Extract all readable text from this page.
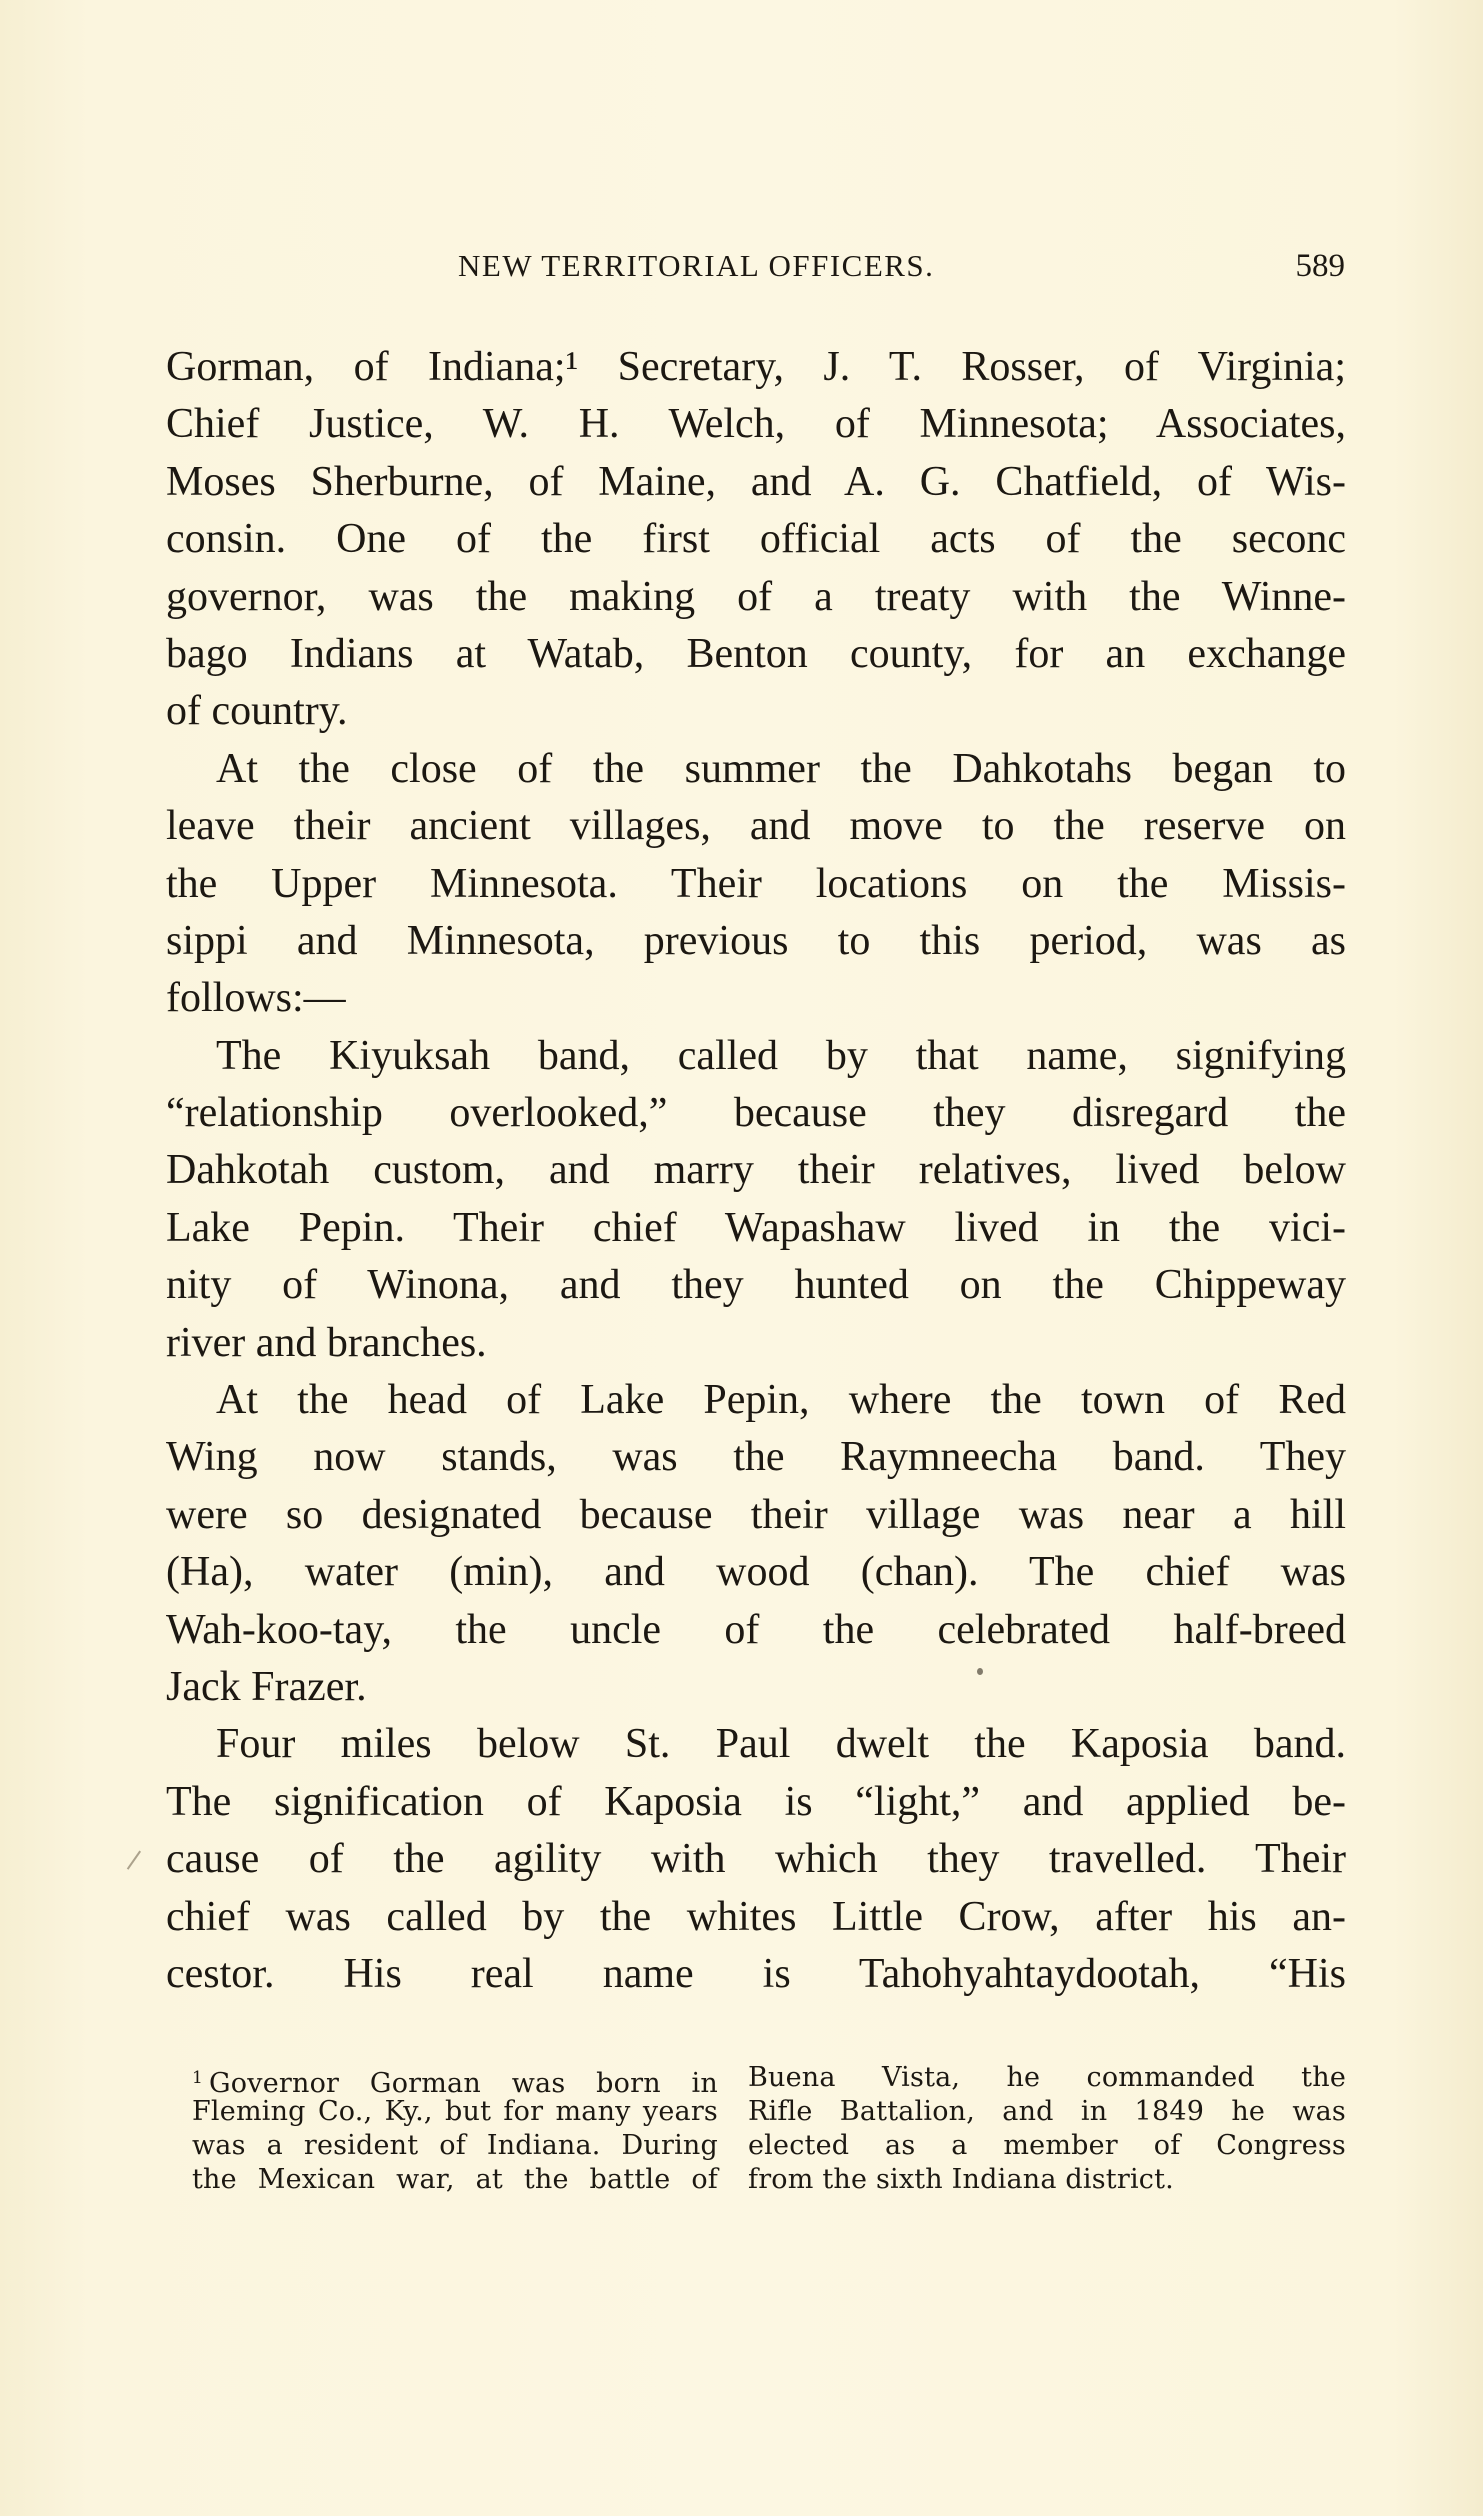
NEW TERRITORIAL OFFICERS.	589
Gorman, of Indiana;¹ Secretary, J. T. Rosser, of Virginia;
Chief Justice, W. H. Welch, of Minnesota; Associates,
Moses Sherburne, of Maine, and A. G. Chatfield, of Wis-
consin. One of the first official acts of the seconc
governor, was the making of a treaty with the Winne-
bago Indians at Watab, Benton county, for an exchange
of country.
At the close of the summer the Dahkotahs began to
leave their ancient villages, and move to the reserve on
the Upper Minnesota. Their locations on the Missis-
sippi and Minnesota, previous to this period, was as
follows:—
The Kiyuksah band, called by that name, signifying
“relationship overlooked,” because they disregard the
Dahkotah custom, and marry their relatives, lived below
Lake Pepin. Their chief Wapashaw lived in the vici-
nity of Winona, and they hunted on the Chippeway
river and branches.
At the head of Lake Pepin, where the town of Red
Wing now stands, was the Raymneecha band. They
were so designated because their village was near a hill
(Ha), water (min), and wood (chan). The chief was
Wah-koo-tay, the uncle of the celebrated half-breed
Jack Frazer.
Four miles below St. Paul dwelt the Kaposia band.
The signification of Kaposia is “light,” and applied be-
cause of the agility with which they travelled. Their
chief was called by the whites Little Crow, after his an-
cestor. His real name is Tahohyahtaydootah, “His
$^1$ Governor Gorman was born in
Fleming Co., Ky., but for many years
was a resident of Indiana. During
the Mexican war, at the battle of
Buena Vista, he commanded the
Rifle Battalion, and in 1849 he was
elected as a member of Congress
from the sixth Indiana district.
